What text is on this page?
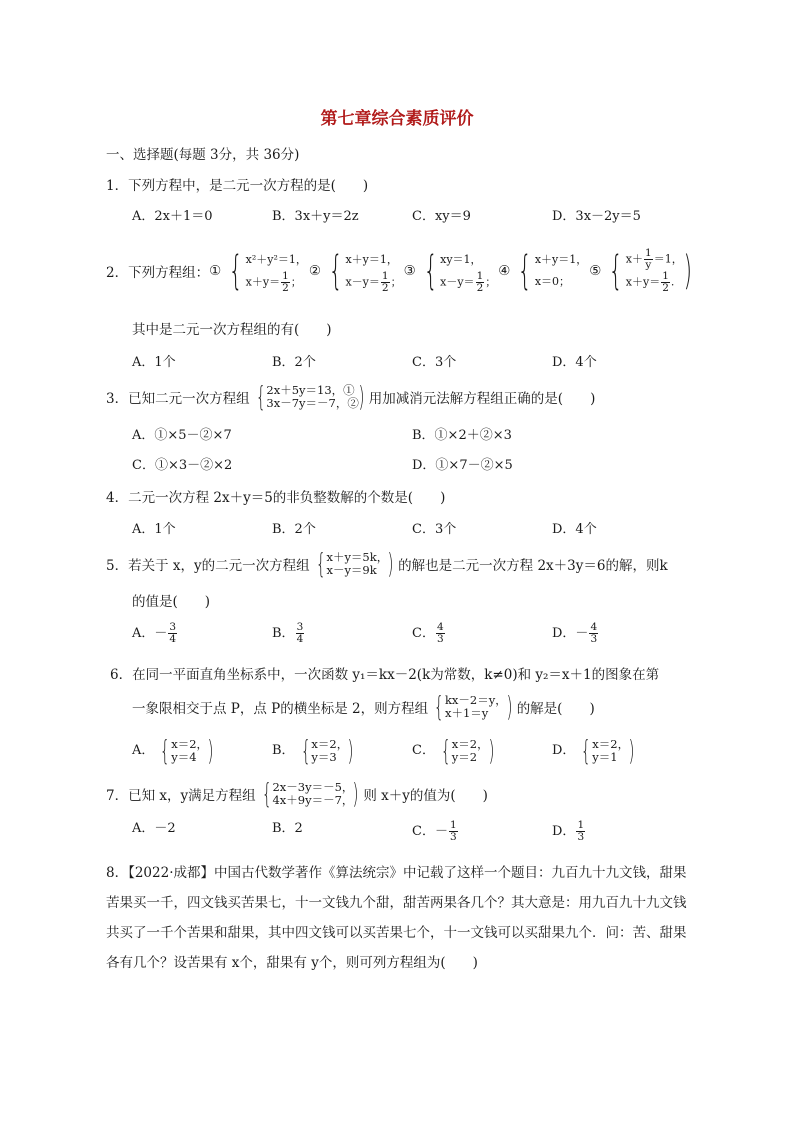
第七章综合素质评价
一、选择题(每题 3分，共 36分)
1．下列方程中，是二元一次方程的是(　　)
A．2x＋1＝0	B．3x＋y＝2z	C．xy＝9	D．3x－2y＝5
2．下列方程组： ① { x²＋y²＝1，
$x+y= \frac{1}{2}$ ；
② { x＋y＝1，
$x-y= \frac{1}{2}$ ；
③ { xy＝1，
$x-y= \frac{1}{2}$ ；
④ { x＋y＝1，
x＝0；
⑤ { $x+ \frac{1}{y} =1$，
$x+y= \frac{1}{2}$ . )
其中是二元一次方程组的有(　　)
A．1个	B．2个	C．3个	D．4个
3．已知二元一次方程组 { 2x＋5y＝13，①
3x－7y＝－7，② ) 用加减消元法解方程组正确的是(　　)
A．①×5－②×7	B．①×2＋②×3
C．①×3－②×2	D．①×7－②×5
4．二元一次方程 2x＋y＝5的非负整数解的个数是(　　)
A．1个	B．2个	C．3个	D．4个
5．若关于 x，y的二元一次方程组 { x＋y＝5k，
x－y＝9k ) 的解也是二元一次方程 2x＋3y＝6的解，则k
的值是(　　)
A．－ $\frac{3}{4}$	B． $\frac{3}{4}$	C． $\frac{4}{3}$	D．－ $\frac{4}{3}$
6．在同一平面直角坐标系中，一次函数 y₁＝kx－2(k为常数，k≠0)和 y₂＝x＋1的图象在第
一象限相交于点 P，点 P的横坐标是 2，则方程组 { kx－2＝y，
x＋1＝y ) 的解是(　　)
A． { x＝2，
y＝4 )	B． { x＝2，
y＝3 )	C． { x＝2，
y＝2 )	D． { x＝2，
y＝1 )
7．已知 x，y满足方程组 { 2x－3y＝－5，
4x＋9y＝－7， ) 则 x＋y的值为(　　)
A．－2	B．2	C．－ $\frac{1}{3}$	D． $\frac{1}{3}$
8．【2022·成都】中国古代数学著作《算法统宗》中记载了这样一个题目：九百九十九文钱，甜果苦果买一千，四文钱买苦果七，十一文钱九个甜，甜苦两果各几个？其大意是：用九百九十九文钱共买了一千个苦果和甜果，其中四文钱可以买苦果七个，十一文钱可以买甜果九个．问：苦、甜果各有几个？设苦果有 x个，甜果有 y个，则可列方程组为(　　)
